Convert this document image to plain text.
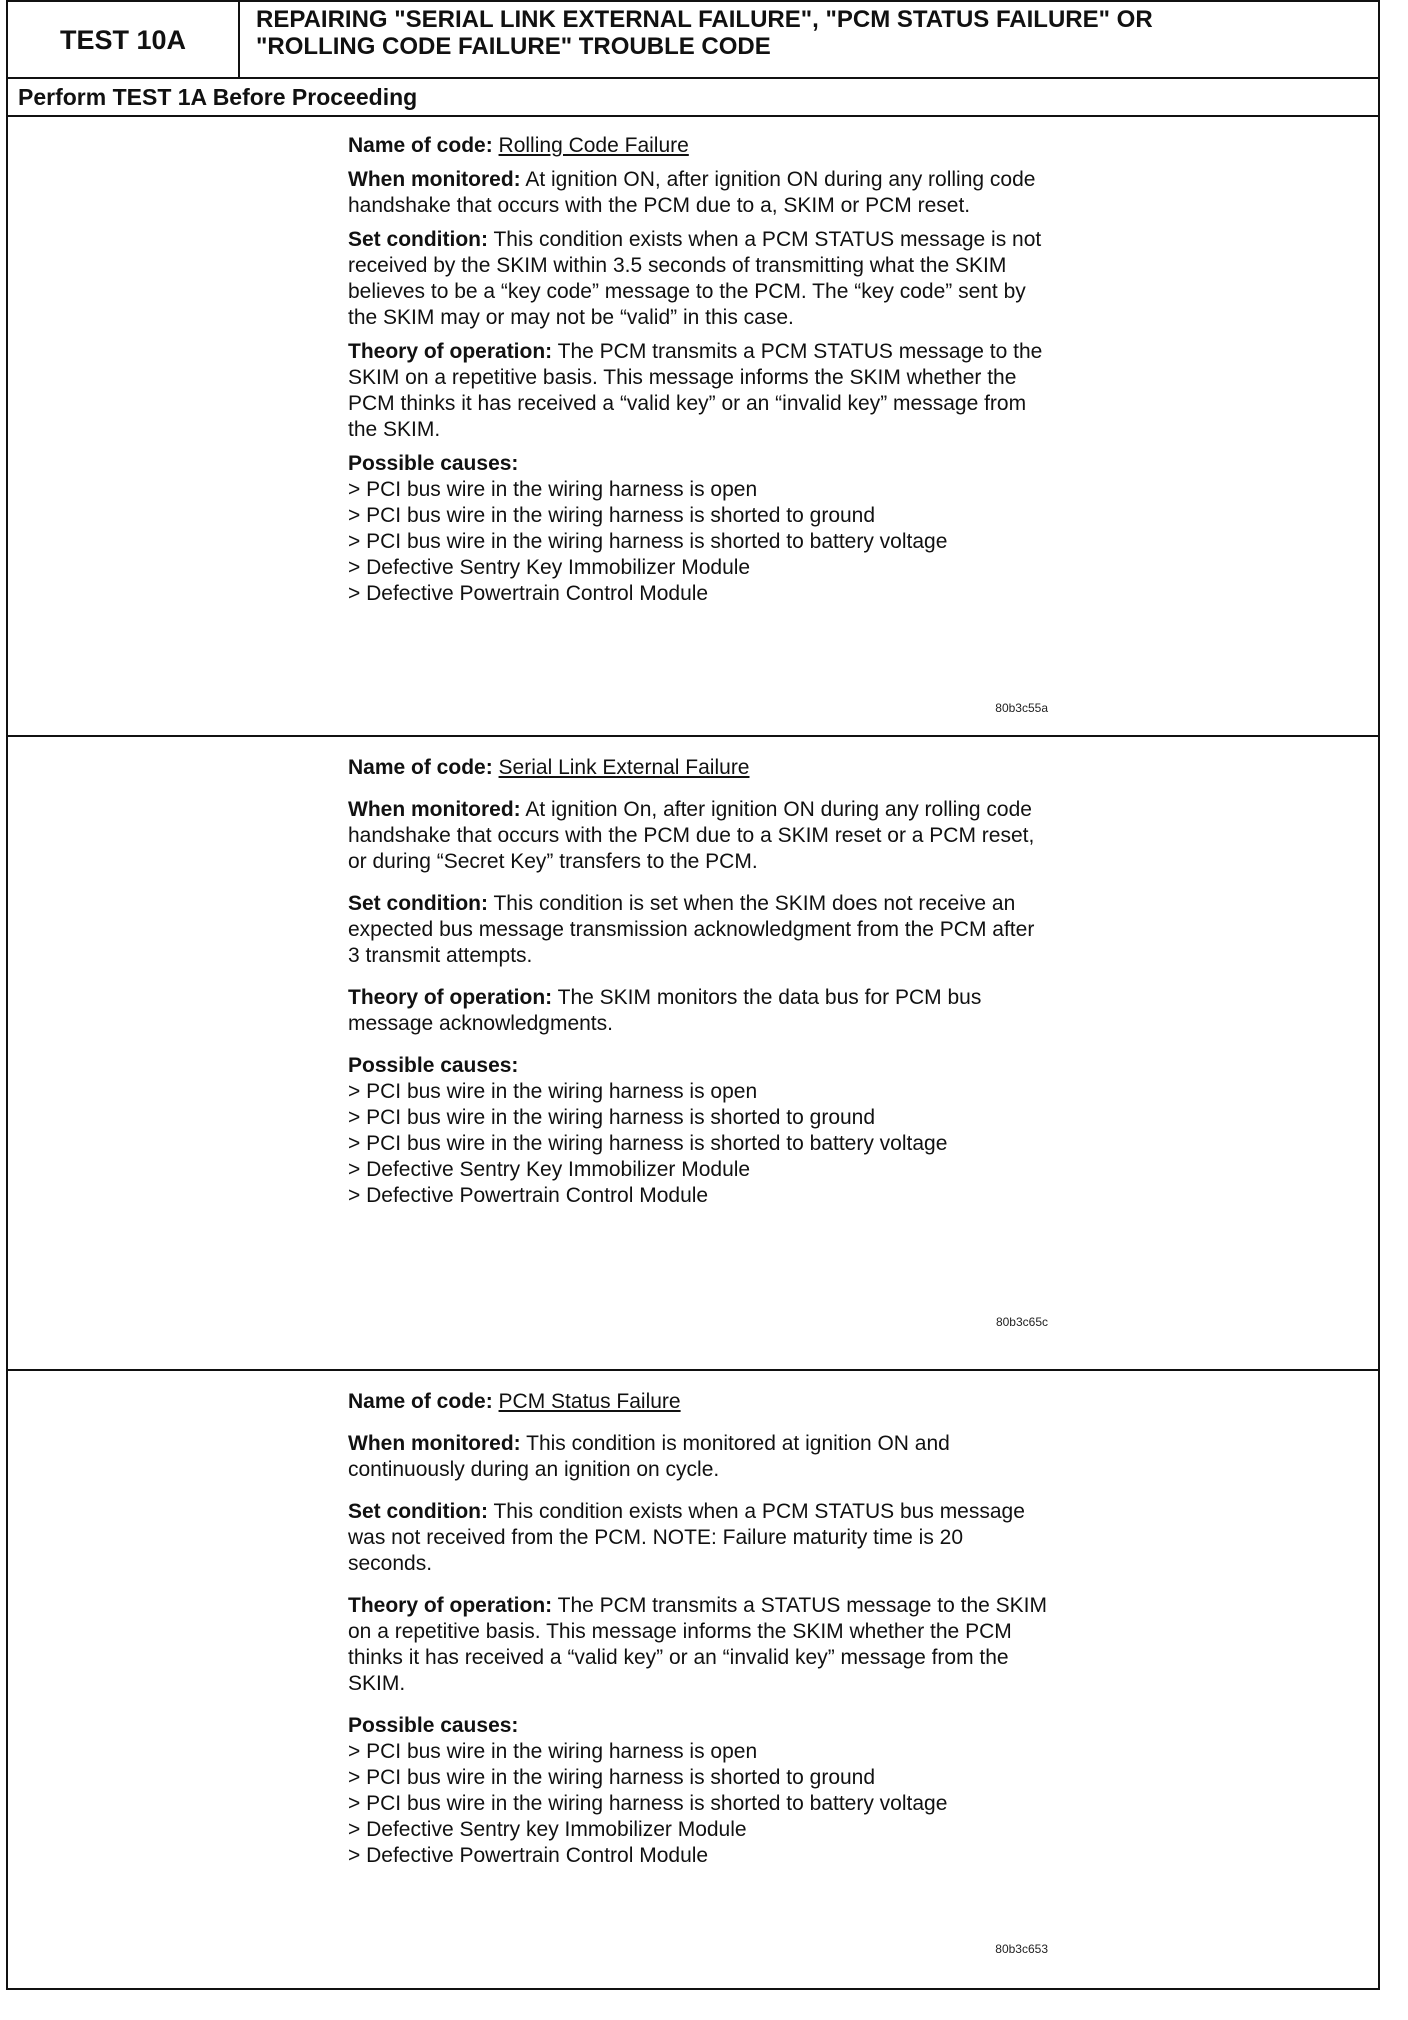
TEST 10A
REPAIRING "SERIAL LINK EXTERNAL FAILURE", "PCM STATUS FAILURE" OR
"ROLLING CODE FAILURE" TROUBLE CODE
Perform TEST 1A Before Proceeding

Name of code: Rolling Code Failure

When monitored: At ignition ON, after ignition ON during any rolling code handshake that occurs with the PCM due to a, SKIM or PCM reset.

Set condition: This condition exists when a PCM STATUS message is not received by the SKIM within 3.5 seconds of transmitting what the SKIM believes to be a “key code” message to the PCM. The “key code” sent by the SKIM may or may not be “valid” in this case.

Theory of operation: The PCM transmits a PCM STATUS message to the SKIM on a repetitive basis. This message informs the SKIM whether the PCM thinks it has received a “valid key” or an “invalid key” message from the SKIM.

Possible causes:

> PCI bus wire in the wiring harness is open
> PCI bus wire in the wiring harness is shorted to ground
> PCI bus wire in the wiring harness is shorted to battery voltage
> Defective Sentry Key Immobilizer Module
> Defective Powertrain Control Module
80b3c55a

Name of code: Serial Link External Failure

When monitored: At ignition On, after ignition ON during any rolling code handshake that occurs with the PCM due to a SKIM reset or a PCM reset, or during “Secret Key” transfers to the PCM.

Set condition: This condition is set when the SKIM does not receive an expected bus message transmission acknowledgment from the PCM after 3 transmit attempts.

Theory of operation: The SKIM monitors the data bus for PCM bus message acknowledgments.

Possible causes:

> PCI bus wire in the wiring harness is open
> PCI bus wire in the wiring harness is shorted to ground
> PCI bus wire in the wiring harness is shorted to battery voltage
> Defective Sentry Key Immobilizer Module
> Defective Powertrain Control Module
80b3c65c

Name of code: PCM Status Failure

When monitored: This condition is monitored at ignition ON and continuously during an ignition on cycle.

Set condition: This condition exists when a PCM STATUS bus message was not received from the PCM. NOTE: Failure maturity time is 20 seconds.

Theory of operation: The PCM transmits a STATUS message to the SKIM on a repetitive basis. This message informs the SKIM whether the PCM thinks it has received a “valid key” or an “invalid key” message from the SKIM.

Possible causes:

> PCI bus wire in the wiring harness is open
> PCI bus wire in the wiring harness is shorted to ground
> PCI bus wire in the wiring harness is shorted to battery voltage
> Defective Sentry key Immobilizer Module
> Defective Powertrain Control Module
80b3c653
